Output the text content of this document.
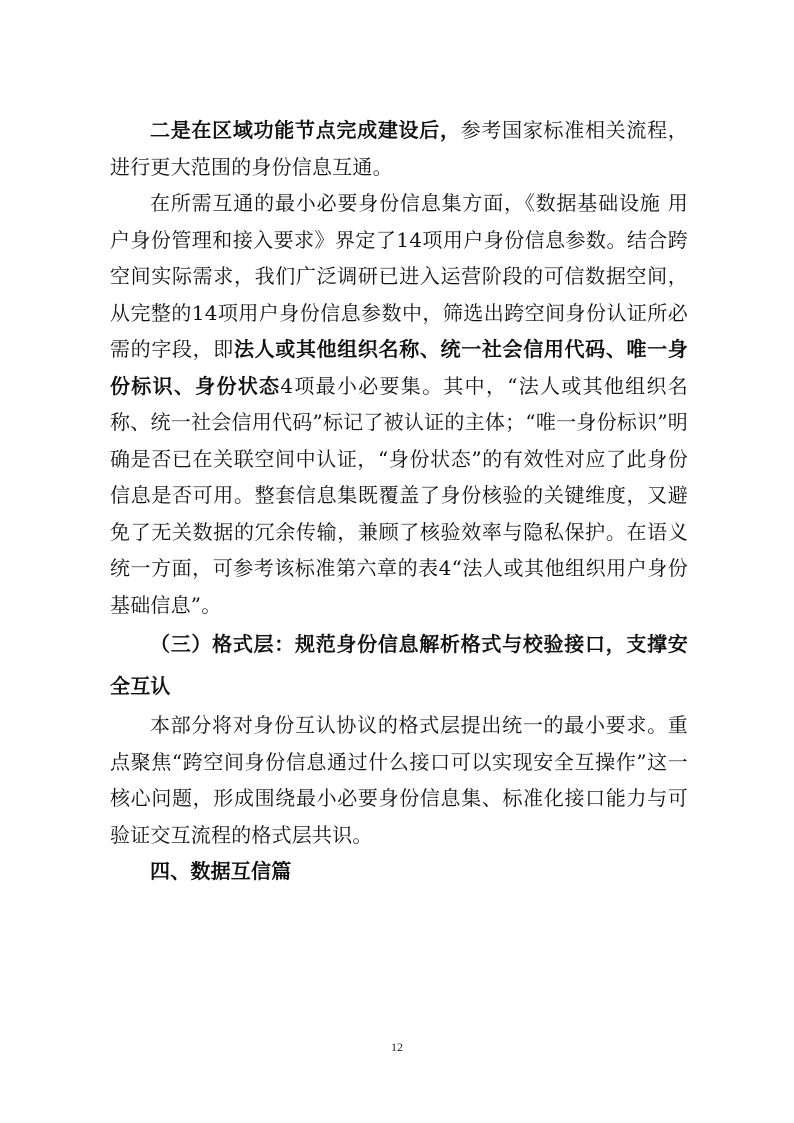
二是在区域功能节点完成建设后，参考国家标准相关流程，进行更大范围的身份信息互通。

在所需互通的最小必要身份信息集方面，《数据基础设施 用户身份管理和接入要求》界定了14项用户身份信息参数。结合跨空间实际需求，我们广泛调研已进入运营阶段的可信数据空间，从完整的14项用户身份信息参数中，筛选出跨空间身份认证所必需的字段，即法人或其他组织名称、统一社会信用代码、唯一身份标识、身份状态4项最小必要集。其中，“法人或其他组织名称、统一社会信用代码”标记了被认证的主体；“唯一身份标识”明确是否已在关联空间中认证，“身份状态”的有效性对应了此身份信息是否可用。整套信息集既覆盖了身份核验的关键维度，又避免了无关数据的冗余传输，兼顾了核验效率与隐私保护。在语义统一方面，可参考该标准第六章的表4“法人或其他组织用户身份基础信息”。

（三）格式层：规范身份信息解析格式与校验接口，支撑安全互认

本部分将对身份互认协议的格式层提出统一的最小要求。重点聚焦“跨空间身份信息通过什么接口可以实现安全互操作”这一核心问题，形成围绕最小必要身份信息集、标准化接口能力与可验证交互流程的格式层共识。

四、数据互信篇

12
